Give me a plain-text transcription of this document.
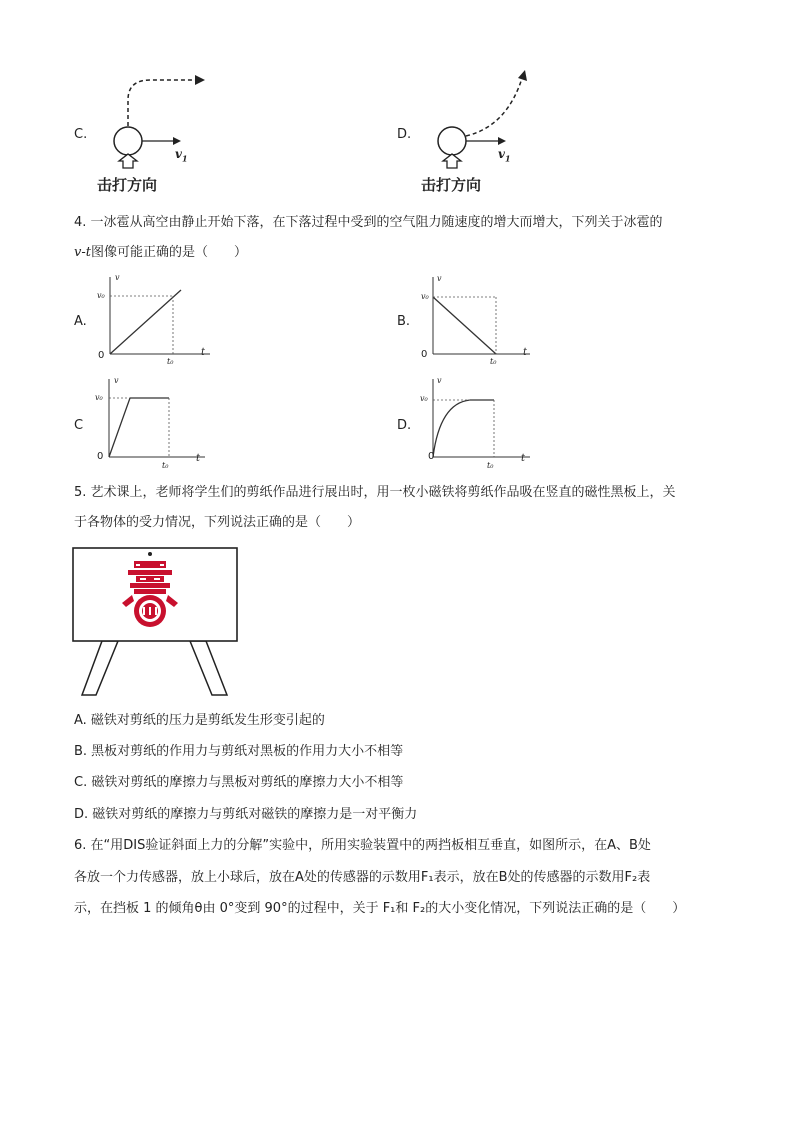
C.
$v_1$
击打方向
D.
$v_1$
击打方向
4. 一冰雹从高空由静止开始下落，在下落过程中受到的空气阻力随速度的增大而增大，下列关于冰雹的
v-t图像可能正确的是（　　）
A.
v
v₀
0	t
t₀
B.
v
v₀
0	t
t₀
C
v
v₀
0	t
t₀
D.
v
v₀
0	t
t₀
5. 艺术课上，老师将学生们的剪纸作品进行展出时，用一枚小磁铁将剪纸作品吸在竖直的磁性黑板上，关
于各物体的受力情况，下列说法正确的是（　　）
A. 磁铁对剪纸的压力是剪纸发生形变引起的
B. 黑板对剪纸的作用力与剪纸对黑板的作用力大小不相等
C. 磁铁对剪纸的摩擦力与黑板对剪纸的摩擦力大小不相等
D. 磁铁对剪纸的摩擦力与剪纸对磁铁的摩擦力是一对平衡力
6. 在“用DIS验证斜面上力的分解”实验中，所用实验装置中的两挡板相互垂直，如图所示，在A、B处
各放一个力传感器，放上小球后，放在A处的传感器的示数用F₁表示，放在B处的传感器的示数用F₂表
示，在挡板 1 的倾角θ由 0°变到 90°的过程中，关于 F₁和 F₂的大小变化情况，下列说法正确的是（　　）
